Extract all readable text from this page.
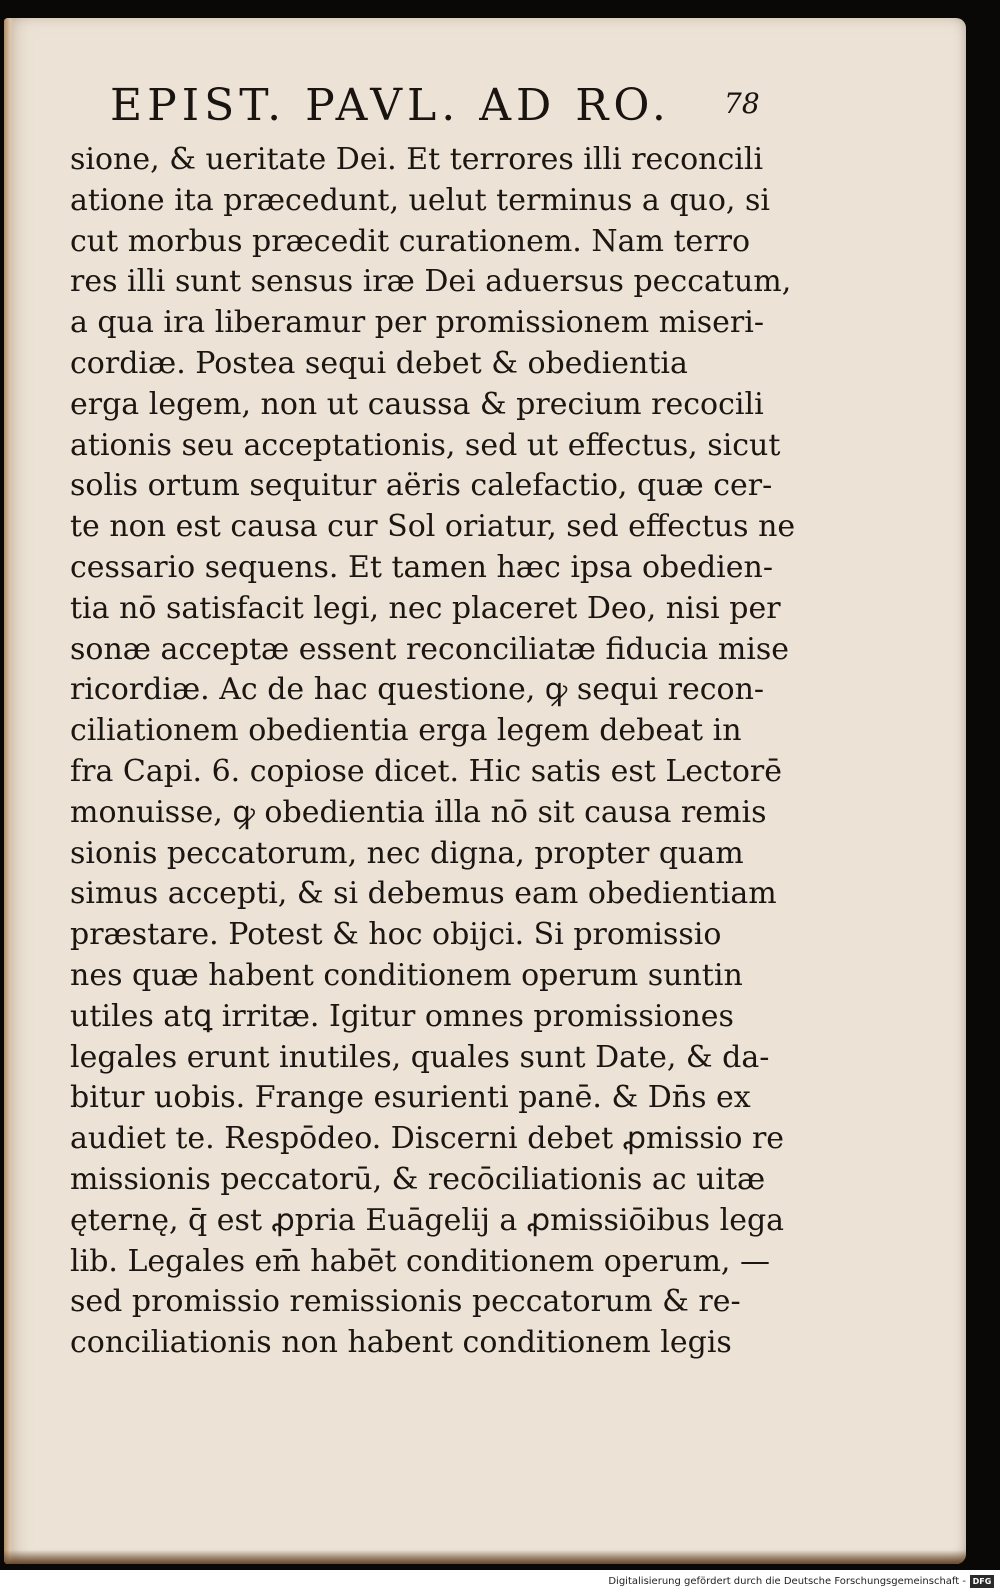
EPIST. PAVL. AD RO.	78
sione, & ueritate Dei. Et terrores illi reconcili
atione ita præcedunt, uelut terminus a quo, si
cut morbus præcedit curationem. Nam terro
res illi sunt sensus iræ Dei aduersus peccatum,
a qua ira liberamur per promissionem miseri-
cordiæ. Postea sequi debet & obedientia
erga legem, non ut caussa & precium recocili
ationis seu acceptationis, sed ut effectus, sicut
solis ortum sequitur aëris calefactio, quæ cer-
te non est causa cur Sol oriatur, sed effectus ne
cessario sequens. Et tamen hæc ipsa obedien-
tia nō satisfacit legi, nec placeret Deo, nisi per
sonæ acceptæ essent reconciliatæ fiducia mise
ricordiæ. Ac de hac questione, ꝙ sequi recon-
ciliationem obedientia erga legem debeat in
fra Capi. 6. copiose dicet. Hic satis est Lectorē
monuisse, ꝙ obedientia illa nō sit causa remis
sionis peccatorum, nec digna, propter quam
simus accepti, & si debemus eam obedientiam
præstare. Potest & hoc obijci. Si promissio
nes quæ habent conditionem operum suntin
utiles atꝗ irritæ. Igitur omnes promissiones
legales erunt inutiles, quales sunt Date, & da-
bitur uobis. Frange esurienti panē. & Dn̄s ex
audiet te. Respōdeo. Discerni debet ꝓmissio re
missionis peccatorū, & recōciliationis ac uitæ
ęternę, q̄ est ꝓpria Euāgelij a ꝓmissiōibus lega
lib. Legales em̄ habēt conditionem operum, —
sed promissio remissionis peccatorum & re-
conciliationis non habent conditionem legis
Digitalisierung gefördert durch die Deutsche Forschungsgemeinschaft - DFG
